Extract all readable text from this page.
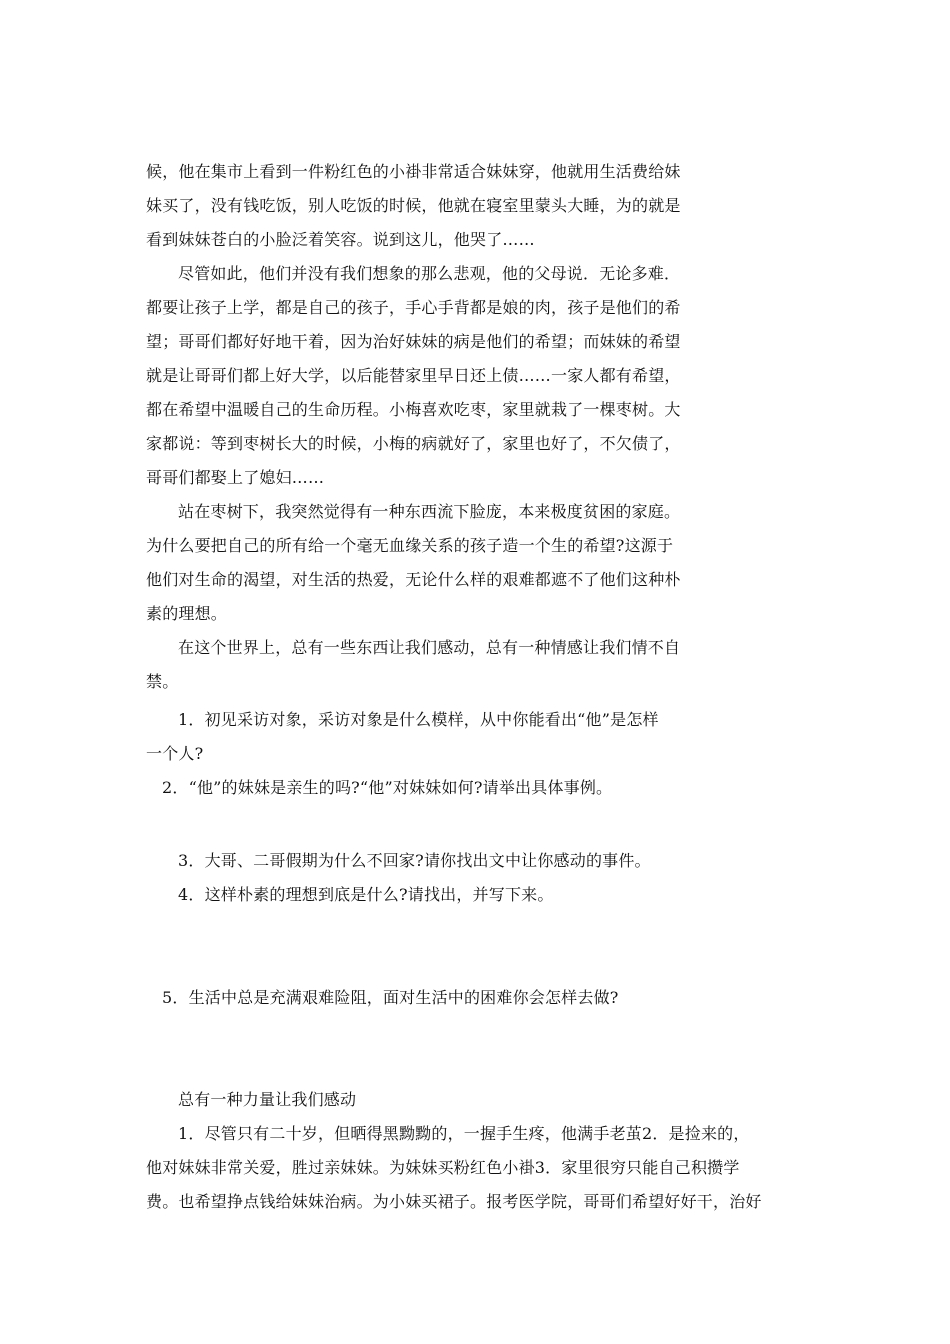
候，他在集市上看到一件粉红色的小褂非常适合妹妹穿，他就用生活费给妹

妹买了，没有钱吃饭，别人吃饭的时候，他就在寝室里蒙头大睡，为的就是

看到妹妹苍白的小脸泛着笑容。说到这儿，他哭了……

尽管如此，他们并没有我们想象的那么悲观，他的父母说．无论多难．

都要让孩子上学，都是自己的孩子，手心手背都是娘的肉，孩子是他们的希

望；哥哥们都好好地干着，因为治好妹妹的病是他们的希望；而妹妹的希望

就是让哥哥们都上好大学，以后能替家里早日还上债……一家人都有希望，

都在希望中温暖自己的生命历程。小梅喜欢吃枣，家里就栽了一棵枣树。大

家都说：等到枣树长大的时候，小梅的病就好了，家里也好了，不欠债了，

哥哥们都娶上了媳妇……

站在枣树下，我突然觉得有一种东西流下脸庞，本来极度贫困的家庭。

为什么要把自己的所有给一个毫无血缘关系的孩子造一个生的希望?这源于

他们对生命的渴望，对生活的热爱，无论什么样的艰难都遮不了他们这种朴

素的理想。

在这个世界上，总有一些东西让我们感动，总有一种情感让我们情不自

禁。

1．初见采访对象，采访对象是什么模样，从中你能看出“他”是怎样

一个人?

2．“他”的妹妹是亲生的吗?“他”对妹妹如何?请举出具体事例。

3．大哥、二哥假期为什么不回家?请你找出文中让你感动的事件。

4．这样朴素的理想到底是什么?请找出，并写下来。

5．生活中总是充满艰难险阻，面对生活中的困难你会怎样去做?

总有一种力量让我们感动

1．尽管只有二十岁，但晒得黑黝黝的，一握手生疼，他满手老茧2．是捡来的，

他对妹妹非常关爱，胜过亲妹妹。为妹妹买粉红色小褂3．家里很穷只能自己积攒学

费。也希望挣点钱给妹妹治病。为小妹买裙子。报考医学院，哥哥们希望好好干，治好
